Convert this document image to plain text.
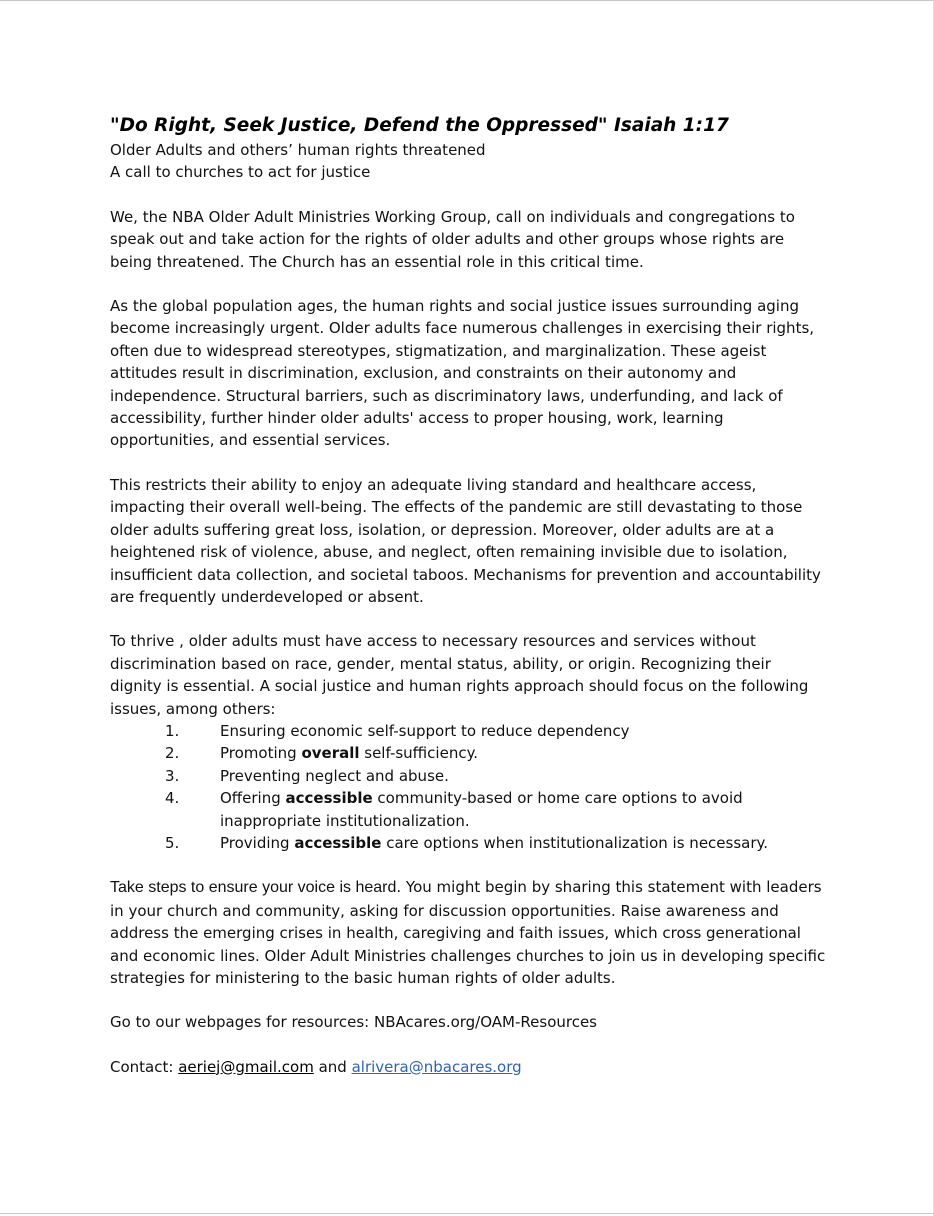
"Do Right, Seek Justice, Defend the Oppressed" Isaiah 1:17

Older Adults and others’ human rights threatened

A call to churches to act for justice

We, the NBA Older Adult Ministries Working Group, call on individuals and congregations to speak out and take action for the rights of older adults and other groups whose rights are being threatened. The Church has an essential role in this critical time.

As the global population ages, the human rights and social justice issues surrounding aging become increasingly urgent. Older adults face numerous challenges in exercising their rights, often due to widespread stereotypes, stigmatization, and marginalization. These ageist attitudes result in discrimination, exclusion, and constraints on their autonomy and independence. Structural barriers, such as discriminatory laws, underfunding, and lack of accessibility, further hinder older adults' access to proper housing, work, learning opportunities, and essential services.

This restricts their ability to enjoy an adequate living standard and healthcare access, impacting their overall well-being. The effects of the pandemic are still devastating to those older adults suffering great loss, isolation, or depression. Moreover, older adults are at a heightened risk of violence, abuse, and neglect, often remaining invisible due to isolation, insufficient data collection, and societal taboos. Mechanisms for prevention and accountability are frequently underdeveloped or absent.

To thrive , older adults must have access to necessary resources and services without discrimination based on race, gender, mental status, ability, or origin. Recognizing their dignity is essential. A social justice and human rights approach should focus on the following issues, among others:

1.	Ensuring economic self-support to reduce dependency
2.	Promoting overall self-sufficiency.
3.	Preventing neglect and abuse.
4.	Offering accessible community-based or home care options to avoid inappropriate institutionalization.
5.	Providing accessible care options when institutionalization is necessary.

Take steps to ensure your voice is heard. You might begin by sharing this statement with leaders in your church and community, asking for discussion opportunities. Raise awareness and address the emerging crises in health, caregiving and faith issues, which cross generational and economic lines. Older Adult Ministries challenges churches to join us in developing specific strategies for ministering to the basic human rights of older adults.

Go to our webpages for resources: NBAcares.org/OAM-Resources

Contact: aeriej@gmail.com and alrivera@nbacares.org
